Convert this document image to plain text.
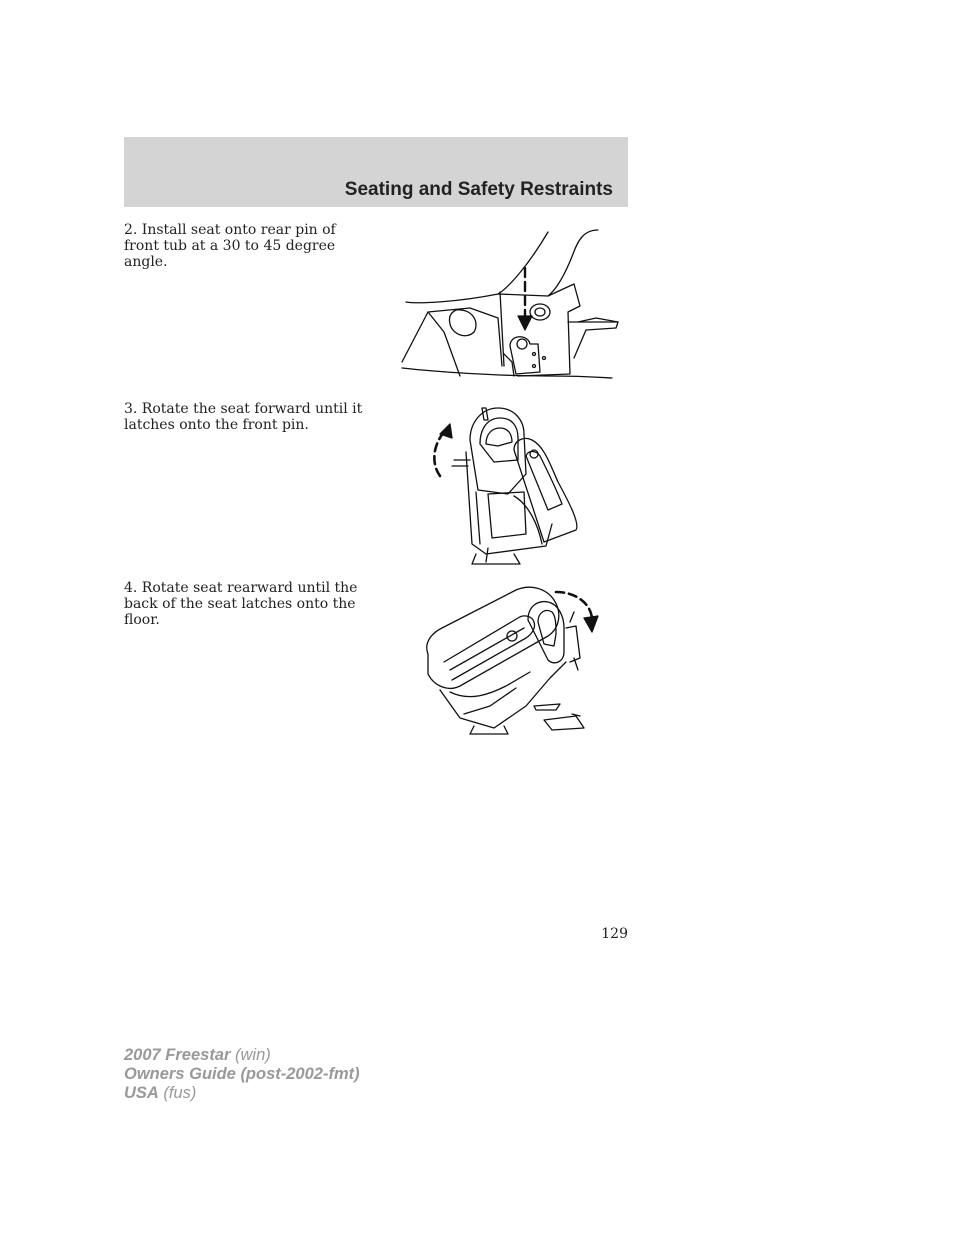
Seating and Safety Restraints
2. Install seat onto rear pin of front tub at a 30 to 45 degree angle.
3. Rotate the seat forward until it latches onto the front pin.
4. Rotate seat rearward until the back of the seat latches onto the floor.
129
2007 Freestar (win)
Owners Guide (post-2002-fmt)
USA (fus)
